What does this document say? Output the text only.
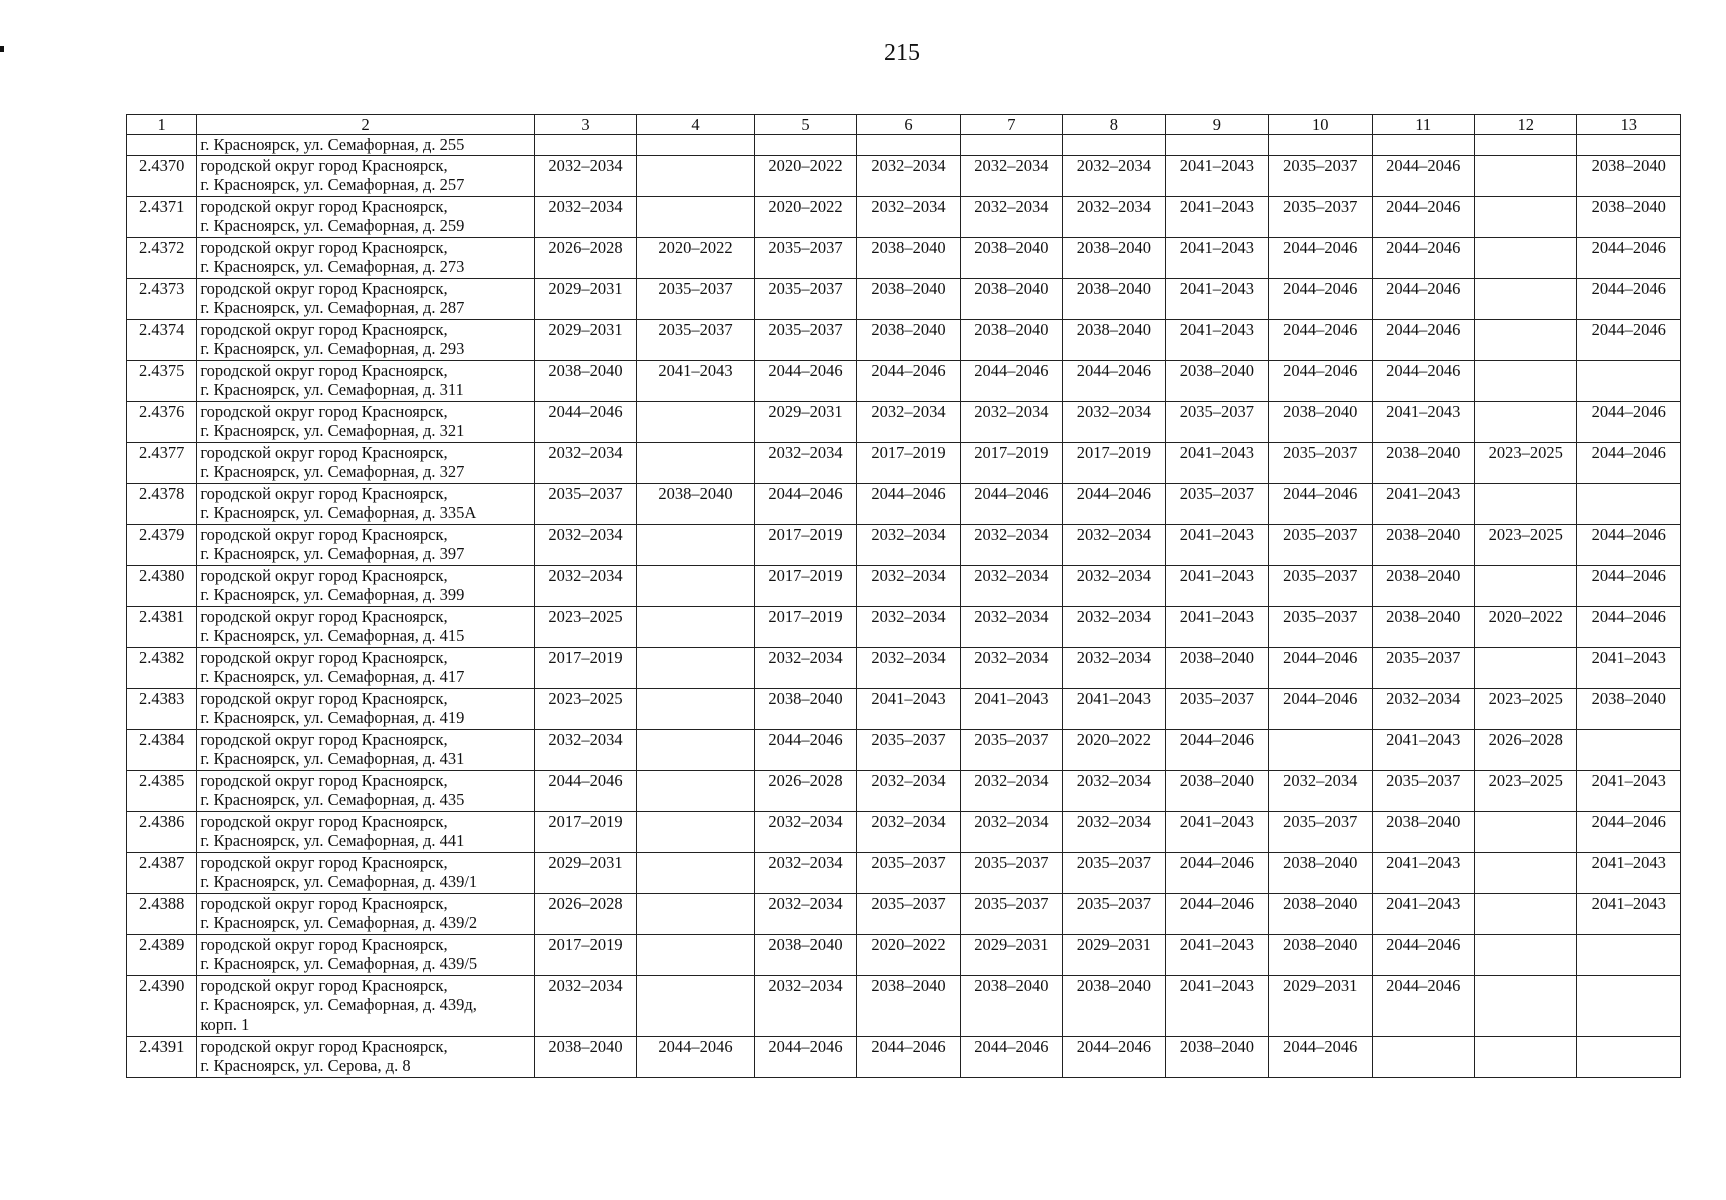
215
1	2	3	4	5	6	7	8	9	10	11	12	13
	г. Красноярск, ул. Семафорная, д. 255											
2.4370	городской округ город Красноярск,
г. Красноярск, ул. Семафорная, д. 257	2032–2034		2020–2022	2032–2034	2032–2034	2032–2034	2041–2043	2035–2037	2044–2046		2038–2040
2.4371	городской округ город Красноярск,
г. Красноярск, ул. Семафорная, д. 259	2032–2034		2020–2022	2032–2034	2032–2034	2032–2034	2041–2043	2035–2037	2044–2046		2038–2040
2.4372	городской округ город Красноярск,
г. Красноярск, ул. Семафорная, д. 273	2026–2028	2020–2022	2035–2037	2038–2040	2038–2040	2038–2040	2041–2043	2044–2046	2044–2046		2044–2046
2.4373	городской округ город Красноярск,
г. Красноярск, ул. Семафорная, д. 287	2029–2031	2035–2037	2035–2037	2038–2040	2038–2040	2038–2040	2041–2043	2044–2046	2044–2046		2044–2046
2.4374	городской округ город Красноярск,
г. Красноярск, ул. Семафорная, д. 293	2029–2031	2035–2037	2035–2037	2038–2040	2038–2040	2038–2040	2041–2043	2044–2046	2044–2046		2044–2046
2.4375	городской округ город Красноярск,
г. Красноярск, ул. Семафорная, д. 311	2038–2040	2041–2043	2044–2046	2044–2046	2044–2046	2044–2046	2038–2040	2044–2046	2044–2046		
2.4376	городской округ город Красноярск,
г. Красноярск, ул. Семафорная, д. 321	2044–2046		2029–2031	2032–2034	2032–2034	2032–2034	2035–2037	2038–2040	2041–2043		2044–2046
2.4377	городской округ город Красноярск,
г. Красноярск, ул. Семафорная, д. 327	2032–2034		2032–2034	2017–2019	2017–2019	2017–2019	2041–2043	2035–2037	2038–2040	2023–2025	2044–2046
2.4378	городской округ город Красноярск,
г. Красноярск, ул. Семафорная, д. 335А	2035–2037	2038–2040	2044–2046	2044–2046	2044–2046	2044–2046	2035–2037	2044–2046	2041–2043		
2.4379	городской округ город Красноярск,
г. Красноярск, ул. Семафорная, д. 397	2032–2034		2017–2019	2032–2034	2032–2034	2032–2034	2041–2043	2035–2037	2038–2040	2023–2025	2044–2046
2.4380	городской округ город Красноярск,
г. Красноярск, ул. Семафорная, д. 399	2032–2034		2017–2019	2032–2034	2032–2034	2032–2034	2041–2043	2035–2037	2038–2040		2044–2046
2.4381	городской округ город Красноярск,
г. Красноярск, ул. Семафорная, д. 415	2023–2025		2017–2019	2032–2034	2032–2034	2032–2034	2041–2043	2035–2037	2038–2040	2020–2022	2044–2046
2.4382	городской округ город Красноярск,
г. Красноярск, ул. Семафорная, д. 417	2017–2019		2032–2034	2032–2034	2032–2034	2032–2034	2038–2040	2044–2046	2035–2037		2041–2043
2.4383	городской округ город Красноярск,
г. Красноярск, ул. Семафорная, д. 419	2023–2025		2038–2040	2041–2043	2041–2043	2041–2043	2035–2037	2044–2046	2032–2034	2023–2025	2038–2040
2.4384	городской округ город Красноярск,
г. Красноярск, ул. Семафорная, д. 431	2032–2034		2044–2046	2035–2037	2035–2037	2020–2022	2044–2046		2041–2043	2026–2028	
2.4385	городской округ город Красноярск,
г. Красноярск, ул. Семафорная, д. 435	2044–2046		2026–2028	2032–2034	2032–2034	2032–2034	2038–2040	2032–2034	2035–2037	2023–2025	2041–2043
2.4386	городской округ город Красноярск,
г. Красноярск, ул. Семафорная, д. 441	2017–2019		2032–2034	2032–2034	2032–2034	2032–2034	2041–2043	2035–2037	2038–2040		2044–2046
2.4387	городской округ город Красноярск,
г. Красноярск, ул. Семафорная, д. 439/1	2029–2031		2032–2034	2035–2037	2035–2037	2035–2037	2044–2046	2038–2040	2041–2043		2041–2043
2.4388	городской округ город Красноярск,
г. Красноярск, ул. Семафорная, д. 439/2	2026–2028		2032–2034	2035–2037	2035–2037	2035–2037	2044–2046	2038–2040	2041–2043		2041–2043
2.4389	городской округ город Красноярск,
г. Красноярск, ул. Семафорная, д. 439/5	2017–2019		2038–2040	2020–2022	2029–2031	2029–2031	2041–2043	2038–2040	2044–2046		
2.4390	городской округ город Красноярск,
г. Красноярск, ул. Семафорная, д. 439д,
корп. 1	2032–2034		2032–2034	2038–2040	2038–2040	2038–2040	2041–2043	2029–2031	2044–2046		
2.4391	городской округ город Красноярск,
г. Красноярск, ул. Серова, д. 8	2038–2040	2044–2046	2044–2046	2044–2046	2044–2046	2044–2046	2038–2040	2044–2046			
